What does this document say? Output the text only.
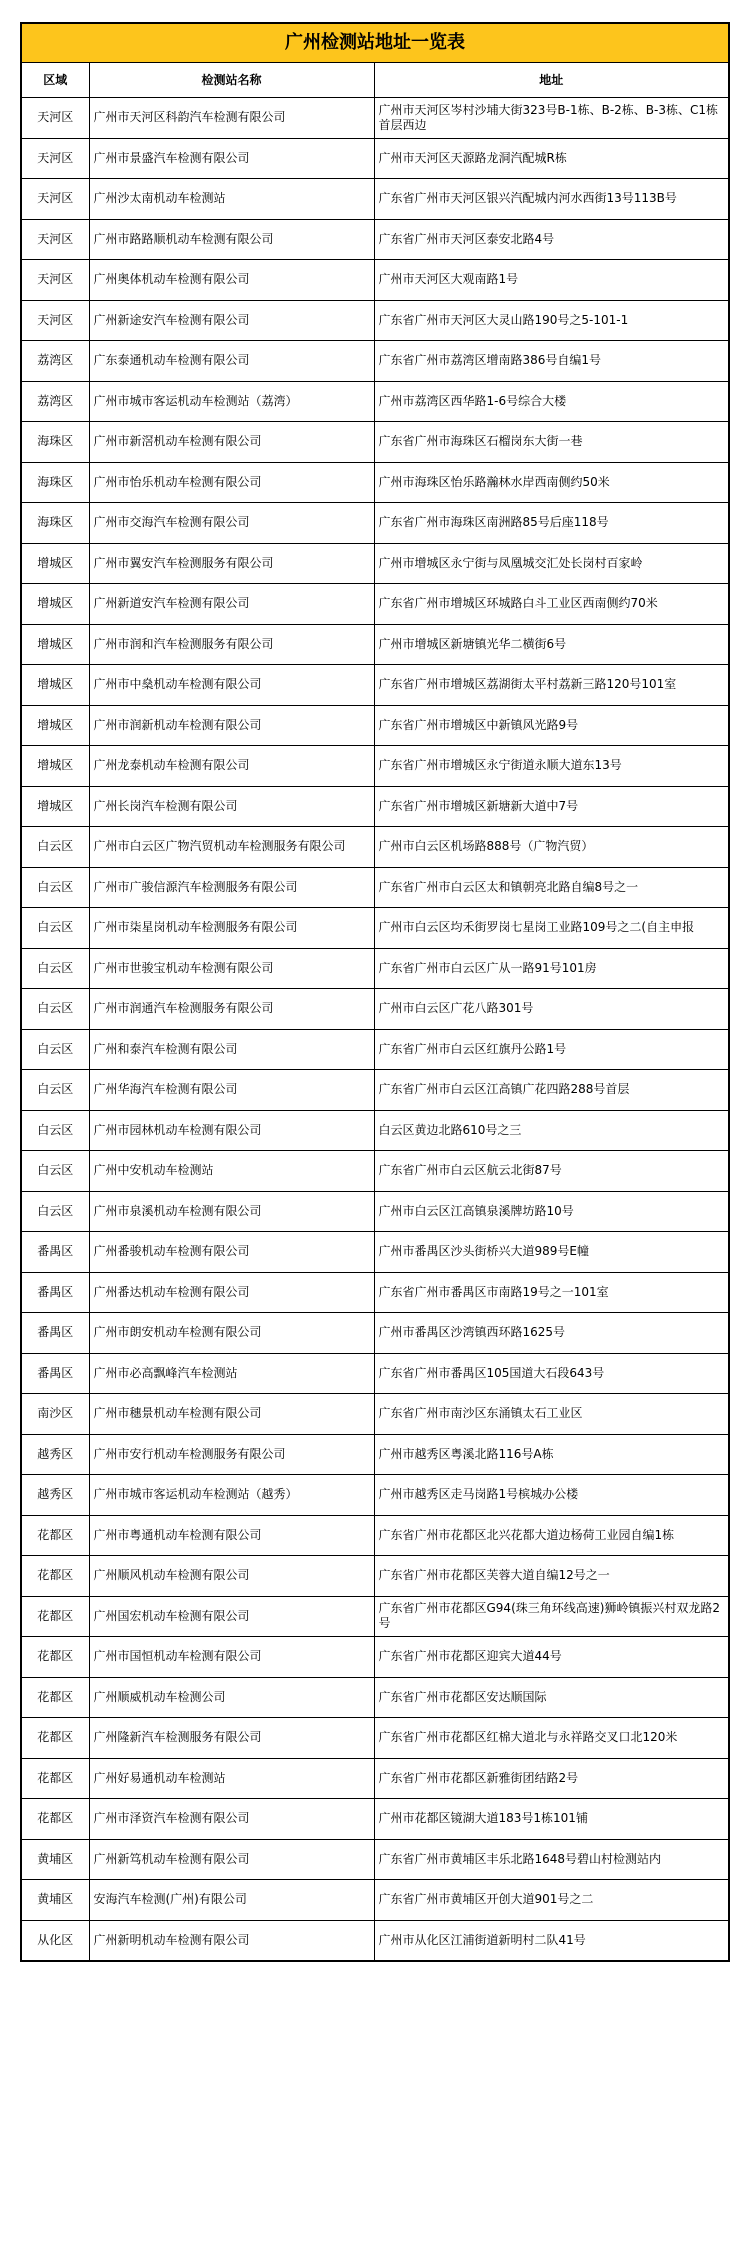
广州检测站地址一览表
区域	检测站名称	地址
天河区	广州市天河区科韵汽车检测有限公司	广州市天河区岑村沙埔大街323号B-1栋、B-2栋、B-3栋、C1栋首层西边
天河区	广州市景盛汽车检测有限公司	广州市天河区天源路龙洞汽配城R栋
天河区	广州沙太南机动车检测站	广东省广州市天河区银兴汽配城内河水西街13号113B号
天河区	广州市路路顺机动车检测有限公司	广东省广州市天河区泰安北路4号
天河区	广州奥体机动车检测有限公司	广州市天河区大观南路1号
天河区	广州新途安汽车检测有限公司	广东省广州市天河区大灵山路190号之5-101-1
荔湾区	广东泰通机动车检测有限公司	广东省广州市荔湾区增南路386号自编1号
荔湾区	广州市城市客运机动车检测站（荔湾）	广州市荔湾区西华路1-6号综合大楼
海珠区	广州市新滘机动车检测有限公司	广东省广州市海珠区石榴岗东大街一巷
海珠区	广州市怡乐机动车检测有限公司	广州市海珠区怡乐路瀚林水岸西南侧约50米
海珠区	广州市交海汽车检测有限公司	广东省广州市海珠区南洲路85号后座118号
增城区	广州市翼安汽车检测服务有限公司	广州市增城区永宁街与凤凰城交汇处长岗村百家岭
增城区	广州新道安汽车检测有限公司	广东省广州市增城区环城路白斗工业区西南侧约70米
增城区	广州市润和汽车检测服务有限公司	广州市增城区新塘镇光华二横街6号
增城区	广州市中燊机动车检测有限公司	广东省广州市增城区荔湖街太平村荔新三路120号101室
增城区	广州市润新机动车检测有限公司	广东省广州市增城区中新镇风光路9号
增城区	广州龙泰机动车检测有限公司	广东省广州市增城区永宁街道永顺大道东13号
增城区	广州长岗汽车检测有限公司	广东省广州市增城区新塘新大道中7号
白云区	广州市白云区广物汽贸机动车检测服务有限公司	广州市白云区机场路888号（广物汽贸）
白云区	广州市广骏信源汽车检测服务有限公司	广东省广州市白云区太和镇朝亮北路自编8号之一
白云区	广州市柒星岗机动车检测服务有限公司	广州市白云区均禾街罗岗七星岗工业路109号之二(自主申报
白云区	广州市世骏宝机动车检测有限公司	广东省广州市白云区广从一路91号101房
白云区	广州市润通汽车检测服务有限公司	广州市白云区广花八路301号
白云区	广州和泰汽车检测有限公司	广东省广州市白云区红旗丹公路1号
白云区	广州华海汽车检测有限公司	广东省广州市白云区江高镇广花四路288号首层
白云区	广州市园林机动车检测有限公司	白云区黄边北路610号之三
白云区	广州中安机动车检测站	广东省广州市白云区航云北街87号
白云区	广州市泉溪机动车检测有限公司	广州市白云区江高镇泉溪牌坊路10号
番禺区	广州番骏机动车检测有限公司	广州市番禺区沙头街桥兴大道989号E幢
番禺区	广州番达机动车检测有限公司	广东省广州市番禺区市南路19号之一101室
番禺区	广州市朗安机动车检测有限公司	广州市番禺区沙湾镇西环路1625号
番禺区	广州市必高飘峰汽车检测站	广东省广州市番禺区105国道大石段643号
南沙区	广州市穗景机动车检测有限公司	广东省广州市南沙区东涌镇太石工业区
越秀区	广州市安行机动车检测服务有限公司	广州市越秀区粤溪北路116号A栋
越秀区	广州市城市客运机动车检测站（越秀）	广州市越秀区走马岗路1号槟城办公楼
花都区	广州市粤通机动车检测有限公司	广东省广州市花都区北兴花都大道边杨荷工业园自编1栋
花都区	广州顺风机动车检测有限公司	广东省广州市花都区芙蓉大道自编12号之一
花都区	广州国宏机动车检测有限公司	广东省广州市花都区G94(珠三角环线高速)狮岭镇振兴村双龙路2号
花都区	广州市国恒机动车检测有限公司	广东省广州市花都区迎宾大道44号
花都区	广州顺威机动车检测公司	广东省广州市花都区安达顺国际
花都区	广州隆新汽车检测服务有限公司	广东省广州市花都区红棉大道北与永祥路交叉口北120米
花都区	广州好易通机动车检测站	广东省广州市花都区新雅街团结路2号
花都区	广州市泽资汽车检测有限公司	广州市花都区镜湖大道183号1栋101铺
黄埔区	广州新笃机动车检测有限公司	广东省广州市黄埔区丰乐北路1648号碧山村检测站内
黄埔区	安海汽车检测(广州)有限公司	广东省广州市黄埔区开创大道901号之二
从化区	广州新明机动车检测有限公司	广州市从化区江浦街道新明村二队41号
